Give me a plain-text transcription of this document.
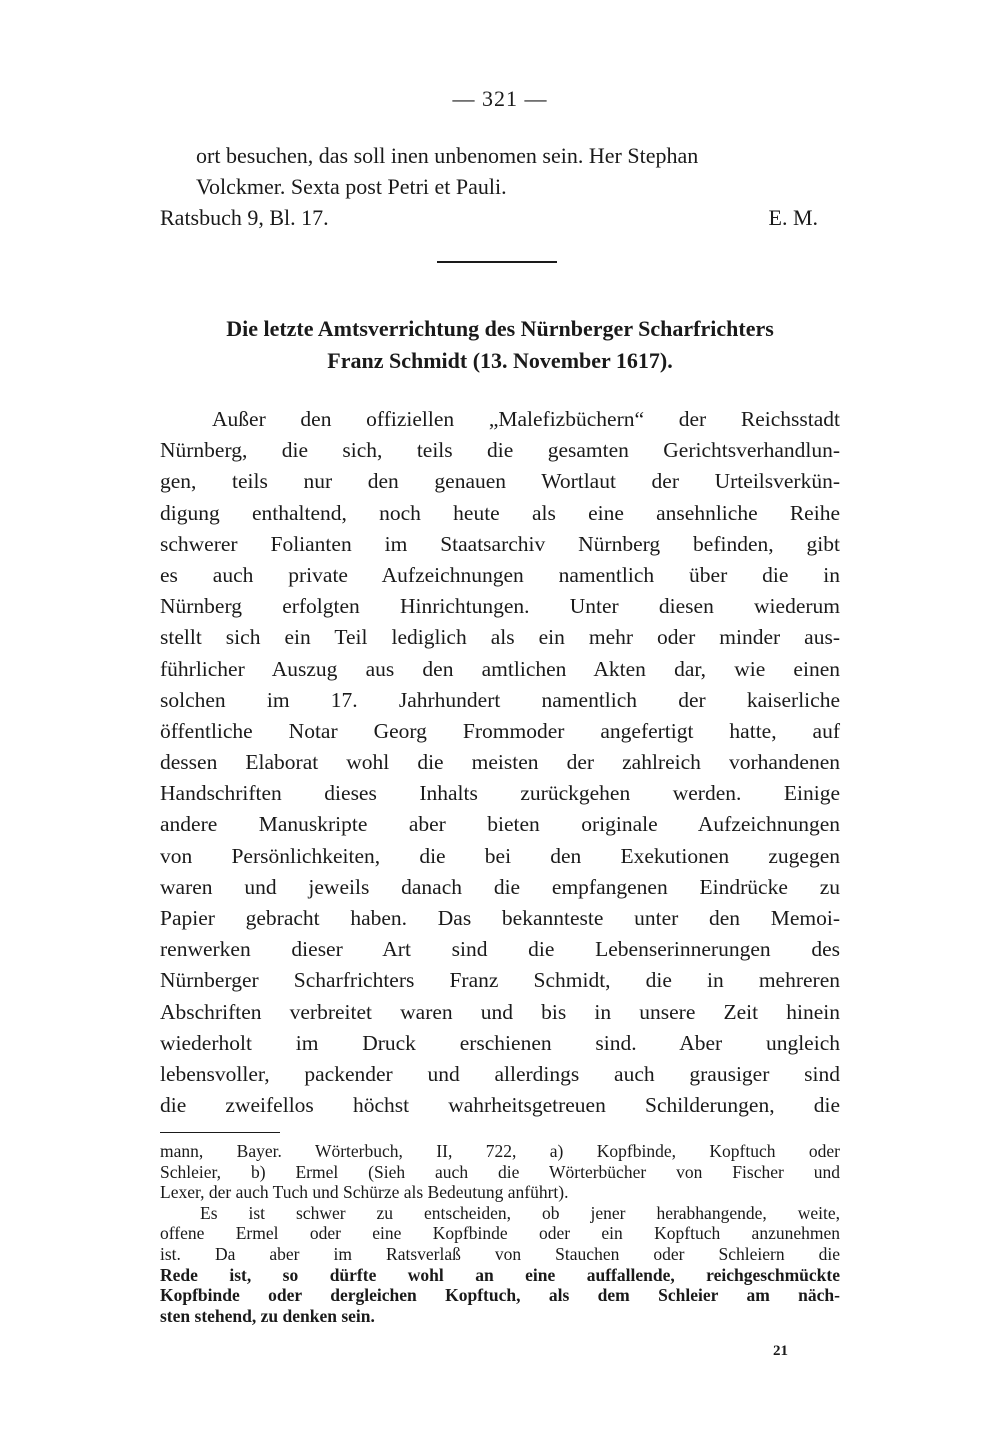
— 321 —
ort besuchen, das soll inen unbenomen sein. Her Stephan
Volckmer. Sexta post Petri et Pauli.
Ratsbuch 9, Bl. 17.	E. M.
Die letzte Amtsverrichtung des Nürnberger Scharfrichters
Franz Schmidt (13. November 1617).
Außer den offiziellen „Malefizbüchern“ der Reichsstadt
Nürnberg, die sich, teils die gesamten Gerichtsverhandlun-
gen, teils nur den genauen Wortlaut der Urteilsverkün-
digung enthaltend, noch heute als eine ansehnliche Reihe
schwerer Folianten im Staatsarchiv Nürnberg befinden, gibt
es auch private Aufzeichnungen namentlich über die in
Nürnberg erfolgten Hinrichtungen. Unter diesen wiederum
stellt sich ein Teil lediglich als ein mehr oder minder aus-
führlicher Auszug aus den amtlichen Akten dar, wie einen
solchen im 17. Jahrhundert namentlich der kaiserliche
öffentliche Notar Georg Frommoder angefertigt hatte, auf
dessen Elaborat wohl die meisten der zahlreich vorhandenen
Handschriften dieses Inhalts zurückgehen werden. Einige
andere Manuskripte aber bieten originale Aufzeichnungen
von Persönlichkeiten, die bei den Exekutionen zugegen
waren und jeweils danach die empfangenen Eindrücke zu
Papier gebracht haben. Das bekannteste unter den Memoi-
renwerken dieser Art sind die Lebenserinnerungen des
Nürnberger Scharfrichters Franz Schmidt, die in mehreren
Abschriften verbreitet waren und bis in unsere Zeit hinein
wiederholt im Druck erschienen sind. Aber ungleich
lebensvoller, packender und allerdings auch grausiger sind
die zweifellos höchst wahrheitsgetreuen Schilderungen, die
mann, Bayer. Wörterbuch, II, 722, a) Kopfbinde, Kopftuch oder
Schleier, b) Ermel (Sieh auch die Wörterbücher von Fischer und
Lexer, der auch Tuch und Schürze als Bedeutung anführt).
Es ist schwer zu entscheiden, ob jener herabhangende, weite,
offene Ermel oder eine Kopfbinde oder ein Kopftuch anzunehmen
ist. Da aber im Ratsverlaß von Stauchen oder Schleiern die
Rede ist, so dürfte wohl an eine auffallende, reichgeschmückte
Kopfbinde oder dergleichen Kopftuch, als dem Schleier am näch-
sten stehend, zu denken sein.
21
